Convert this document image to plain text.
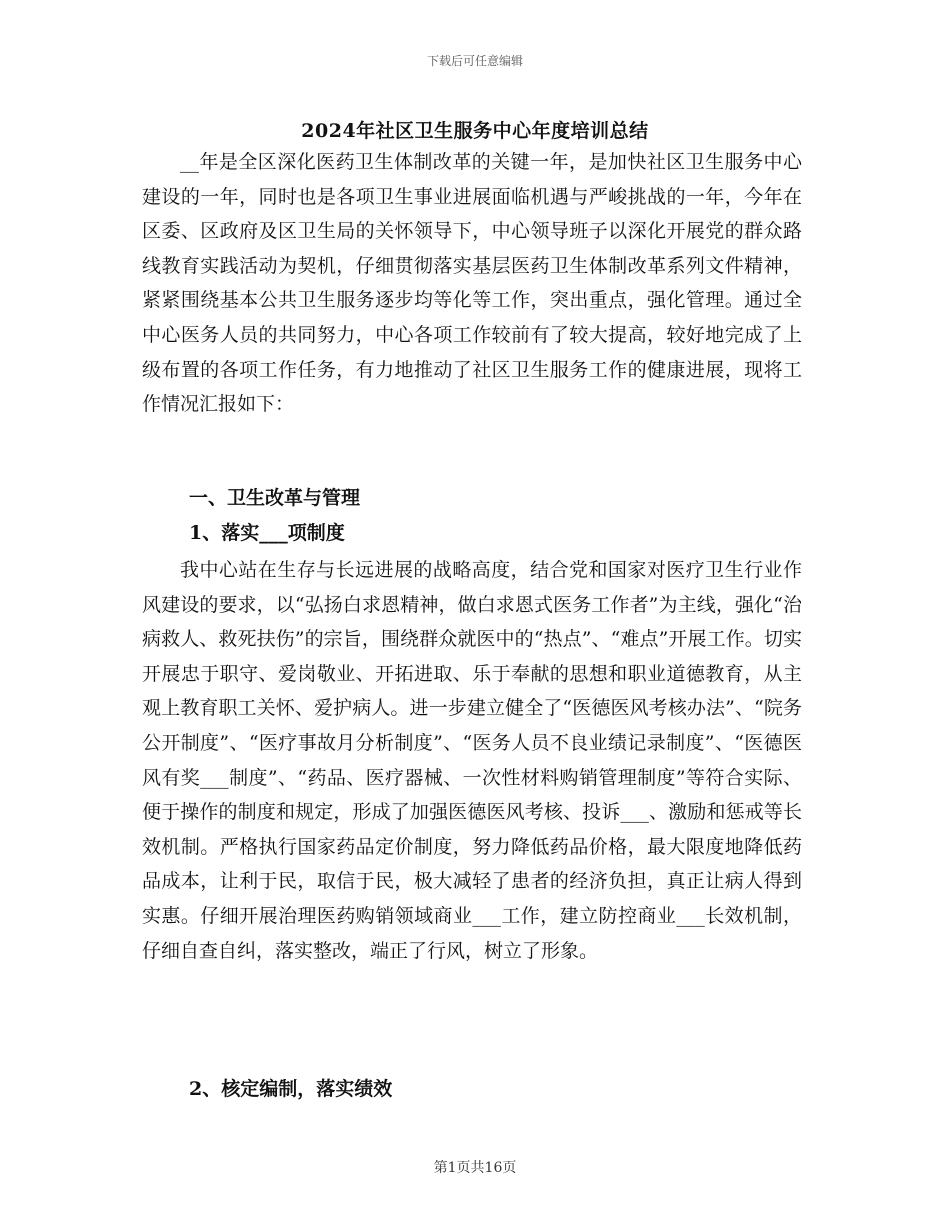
下载后可任意编辑
2024年社区卫生服务中心年度培训总结

__年是全区深化医药卫生体制改革的关键一年，是加快社区卫生服务中心建设的一年，同时也是各项卫生事业进展面临机遇与严峻挑战的一年，今年在区委、区政府及区卫生局的关怀领导下，中心领导班子以深化开展党的群众路线教育实践活动为契机，仔细贯彻落实基层医药卫生体制改革系列文件精神，紧紧围绕基本公共卫生服务逐步均等化等工作，突出重点，强化管理。通过全中心医务人员的共同努力，中心各项工作较前有了较大提高，较好地完成了上级布置的各项工作任务，有力地推动了社区卫生服务工作的健康进展，现将工作情况汇报如下：

一、卫生改革与管理
1、落实___项制度

我中心站在生存与长远进展的战略高度，结合党和国家对医疗卫生行业作风建设的要求，以“弘扬白求恩精神，做白求恩式医务工作者”为主线，强化“治病救人、救死扶伤”的宗旨，围绕群众就医中的“热点”、“难点”开展工作。切实开展忠于职守、爱岗敬业、开拓进取、乐于奉献的思想和职业道德教育，从主观上教育职工关怀、爱护病人。进一步建立健全了“医德医风考核办法”、“院务公开制度”、“医疗事故月分析制度”、“医务人员不良业绩记录制度”、“医德医风有奖___制度”、“药品、医疗器械、一次性材料购销管理制度”等符合实际、便于操作的制度和规定，形成了加强医德医风考核、投诉___、激励和惩戒等长效机制。严格执行国家药品定价制度，努力降低药品价格，最大限度地降低药品成本，让利于民，取信于民，极大减轻了患者的经济负担，真正让病人得到实惠。仔细开展治理医药购销领域商业___工作，建立防控商业___长效机制，仔细自查自纠，落实整改，端正了行风，树立了形象。

2、核定编制，落实绩效
第1页共16页
